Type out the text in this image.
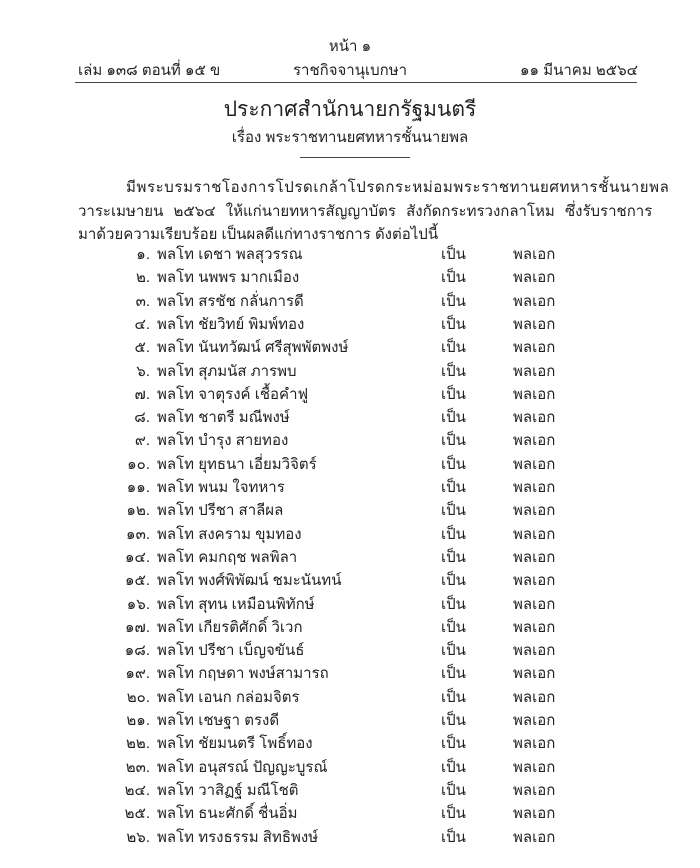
หน้า ๑
เล่ม ๑๓๘ ตอนที่ ๑๕ ข	ราชกิจจานุเบกษา	๑๑ มีนาคม ๒๕๖๔
ประกาศสำนักนายกรัฐมนตรี
เรื่อง พระราชทานยศทหารชั้นนายพล
มีพระบรมราชโองการโปรดเกล้าโปรดกระหม่อมพระราชทานยศทหารชั้นนายพล
วาระเมษายน ๒๕๖๔ ให้แก่นายทหารสัญญาบัตร สังกัดกระทรวงกลาโหม ซึ่งรับราชการ
มาด้วยความเรียบร้อย เป็นผลดีแก่ทางราชการ ดังต่อไปนี้
๑. พลโท เดชา พลสุวรรณ	เป็น	พลเอก
๒. พลโท นพพร มากเมือง	เป็น	พลเอก
๓. พลโท สรชัช กลั่นการดี	เป็น	พลเอก
๔. พลโท ชัยวิทย์ พิมพ์ทอง	เป็น	พลเอก
๕. พลโท นันทวัฒน์ ศรีสุพพัตพงษ์	เป็น	พลเอก
๖. พลโท สุภมนัส ภารพบ	เป็น	พลเอก
๗. พลโท จาตุรงค์ เชื้อคำฟู	เป็น	พลเอก
๘. พลโท ชาตรี มณีพงษ์	เป็น	พลเอก
๙. พลโท บำรุง สายทอง	เป็น	พลเอก
๑๐. พลโท ยุทธนา เอี่ยมวิจิตร์	เป็น	พลเอก
๑๑. พลโท พนม ใจทหาร	เป็น	พลเอก
๑๒. พลโท ปรีชา สาลีผล	เป็น	พลเอก
๑๓. พลโท สงคราม ขุมทอง	เป็น	พลเอก
๑๔. พลโท คมกฤช พลพิลา	เป็น	พลเอก
๑๕. พลโท พงศ์พิพัฒน์ ชมะนันทน์	เป็น	พลเอก
๑๖. พลโท สุทน เหมือนพิทักษ์	เป็น	พลเอก
๑๗. พลโท เกียรติศักดิ์ วิเวก	เป็น	พลเอก
๑๘. พลโท ปรีชา เบ็ญจขันธ์	เป็น	พลเอก
๑๙. พลโท กฤษดา พงษ์สามารถ	เป็น	พลเอก
๒๐. พลโท เอนก กล่อมจิตร	เป็น	พลเอก
๒๑. พลโท เชษฐา ตรงดี	เป็น	พลเอก
๒๒. พลโท ชัยมนตรี โพธิ์ทอง	เป็น	พลเอก
๒๓. พลโท อนุสรณ์ ปัญญะบูรณ์	เป็น	พลเอก
๒๔. พลโท วาสิฏฐ์ มณีโชติ	เป็น	พลเอก
๒๕. พลโท ธนะศักดิ์ ชื่นอิ่ม	เป็น	พลเอก
๒๖. พลโท ทรงธรรม สิทธิพงษ์	เป็น	พลเอก
